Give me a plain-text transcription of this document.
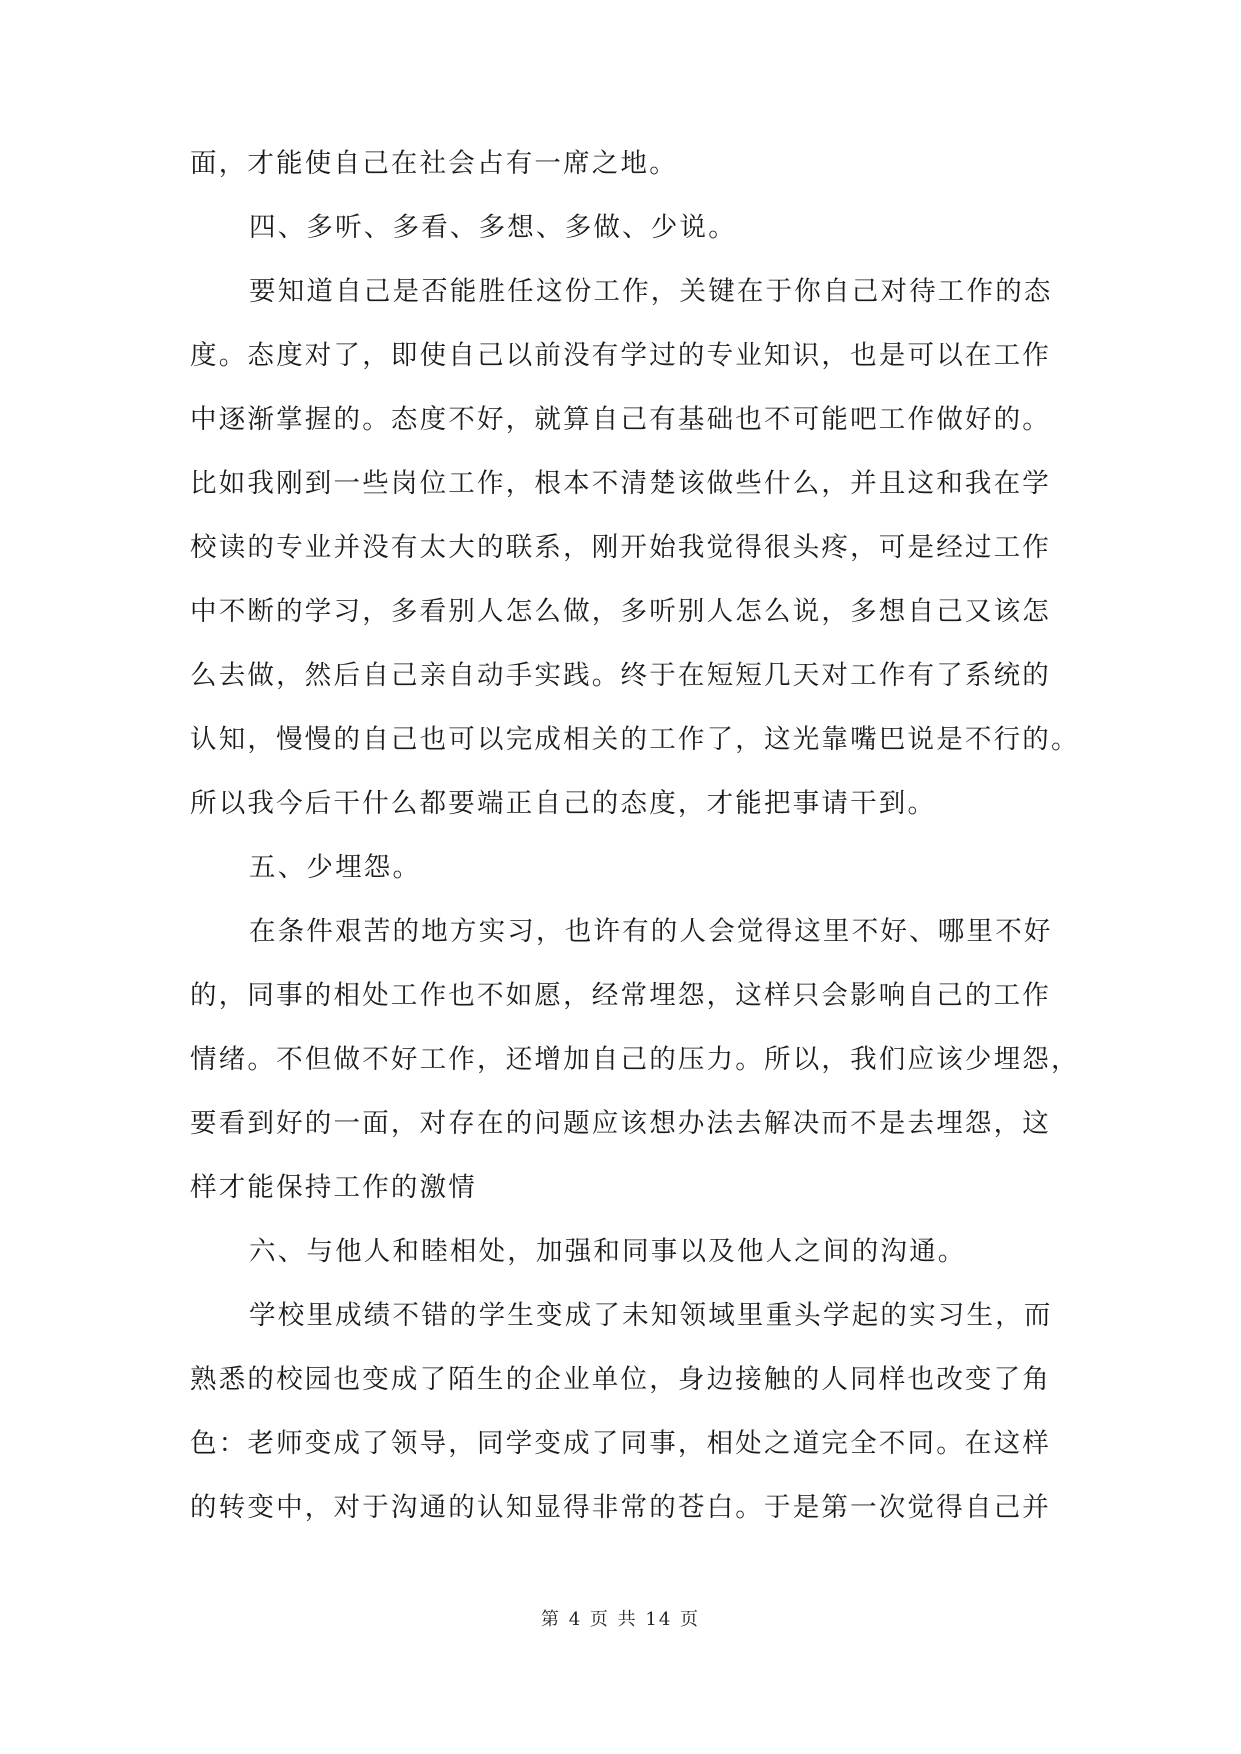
面，才能使自己在社会占有一席之地。
四、多听、多看、多想、多做、少说。
要知道自己是否能胜任这份工作，关键在于你自己对待工作的态
度。态度对了，即使自己以前没有学过的专业知识，也是可以在工作
中逐渐掌握的。态度不好，就算自己有基础也不可能吧工作做好的。
比如我刚到一些岗位工作，根本不清楚该做些什么，并且这和我在学
校读的专业并没有太大的联系，刚开始我觉得很头疼，可是经过工作
中不断的学习，多看别人怎么做，多听别人怎么说，多想自己又该怎
么去做，然后自己亲自动手实践。终于在短短几天对工作有了系统的
认知，慢慢的自己也可以完成相关的工作了，这光靠嘴巴说是不行的。
所以我今后干什么都要端正自己的态度，才能把事请干到。
五、少埋怨。
在条件艰苦的地方实习，也许有的人会觉得这里不好、哪里不好
的，同事的相处工作也不如愿，经常埋怨，这样只会影响自己的工作
情绪。不但做不好工作，还增加自己的压力。所以，我们应该少埋怨，
要看到好的一面，对存在的问题应该想办法去解决而不是去埋怨，这
样才能保持工作的激情
六、与他人和睦相处，加强和同事以及他人之间的沟通。
学校里成绩不错的学生变成了未知领域里重头学起的实习生，而
熟悉的校园也变成了陌生的企业单位，身边接触的人同样也改变了角
色：老师变成了领导，同学变成了同事，相处之道完全不同。在这样
的转变中，对于沟通的认知显得非常的苍白。于是第一次觉得自己并
第 4 页 共 14 页
